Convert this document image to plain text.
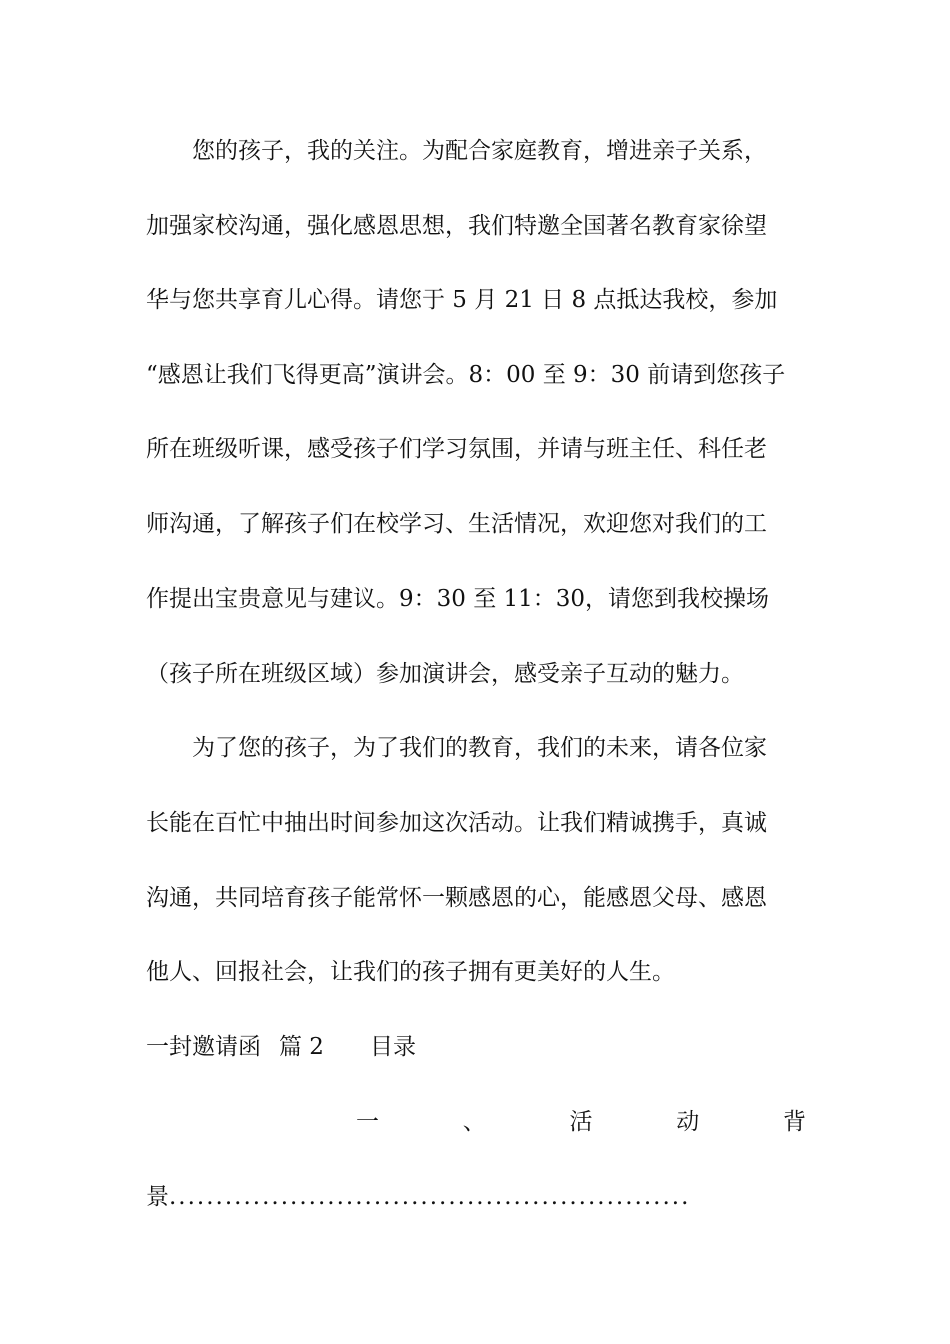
您的孩子，我的关注。为配合家庭教育，增进亲子关系，
加强家校沟通，强化感恩思想，我们特邀全国著名教育家徐望
华与您共享育儿心得。请您于 5 月 21 日 8 点抵达我校，参加
“感恩让我们飞得更高”演讲会。8：00 至 9：30 前请到您孩子
所在班级听课，感受孩子们学习氛围，并请与班主任、科任老
师沟通，了解孩子们在校学习、生活情况，欢迎您对我们的工
作提出宝贵意见与建议。9：30 至 11：30，请您到我校操场
（孩子所在班级区域）参加演讲会，感受亲子互动的魅力。
为了您的孩子，为了我们的教育，我们的未来，请各位家
长能在百忙中抽出时间参加这次活动。让我们精诚携手，真诚
沟通，共同培育孩子能常怀一颗感恩的心，能感恩父母、感恩
他人、回报社会，让我们的孩子拥有更美好的人生。
一封邀请函 篇 2 目录
一	、	活	动	背
景........................................................
